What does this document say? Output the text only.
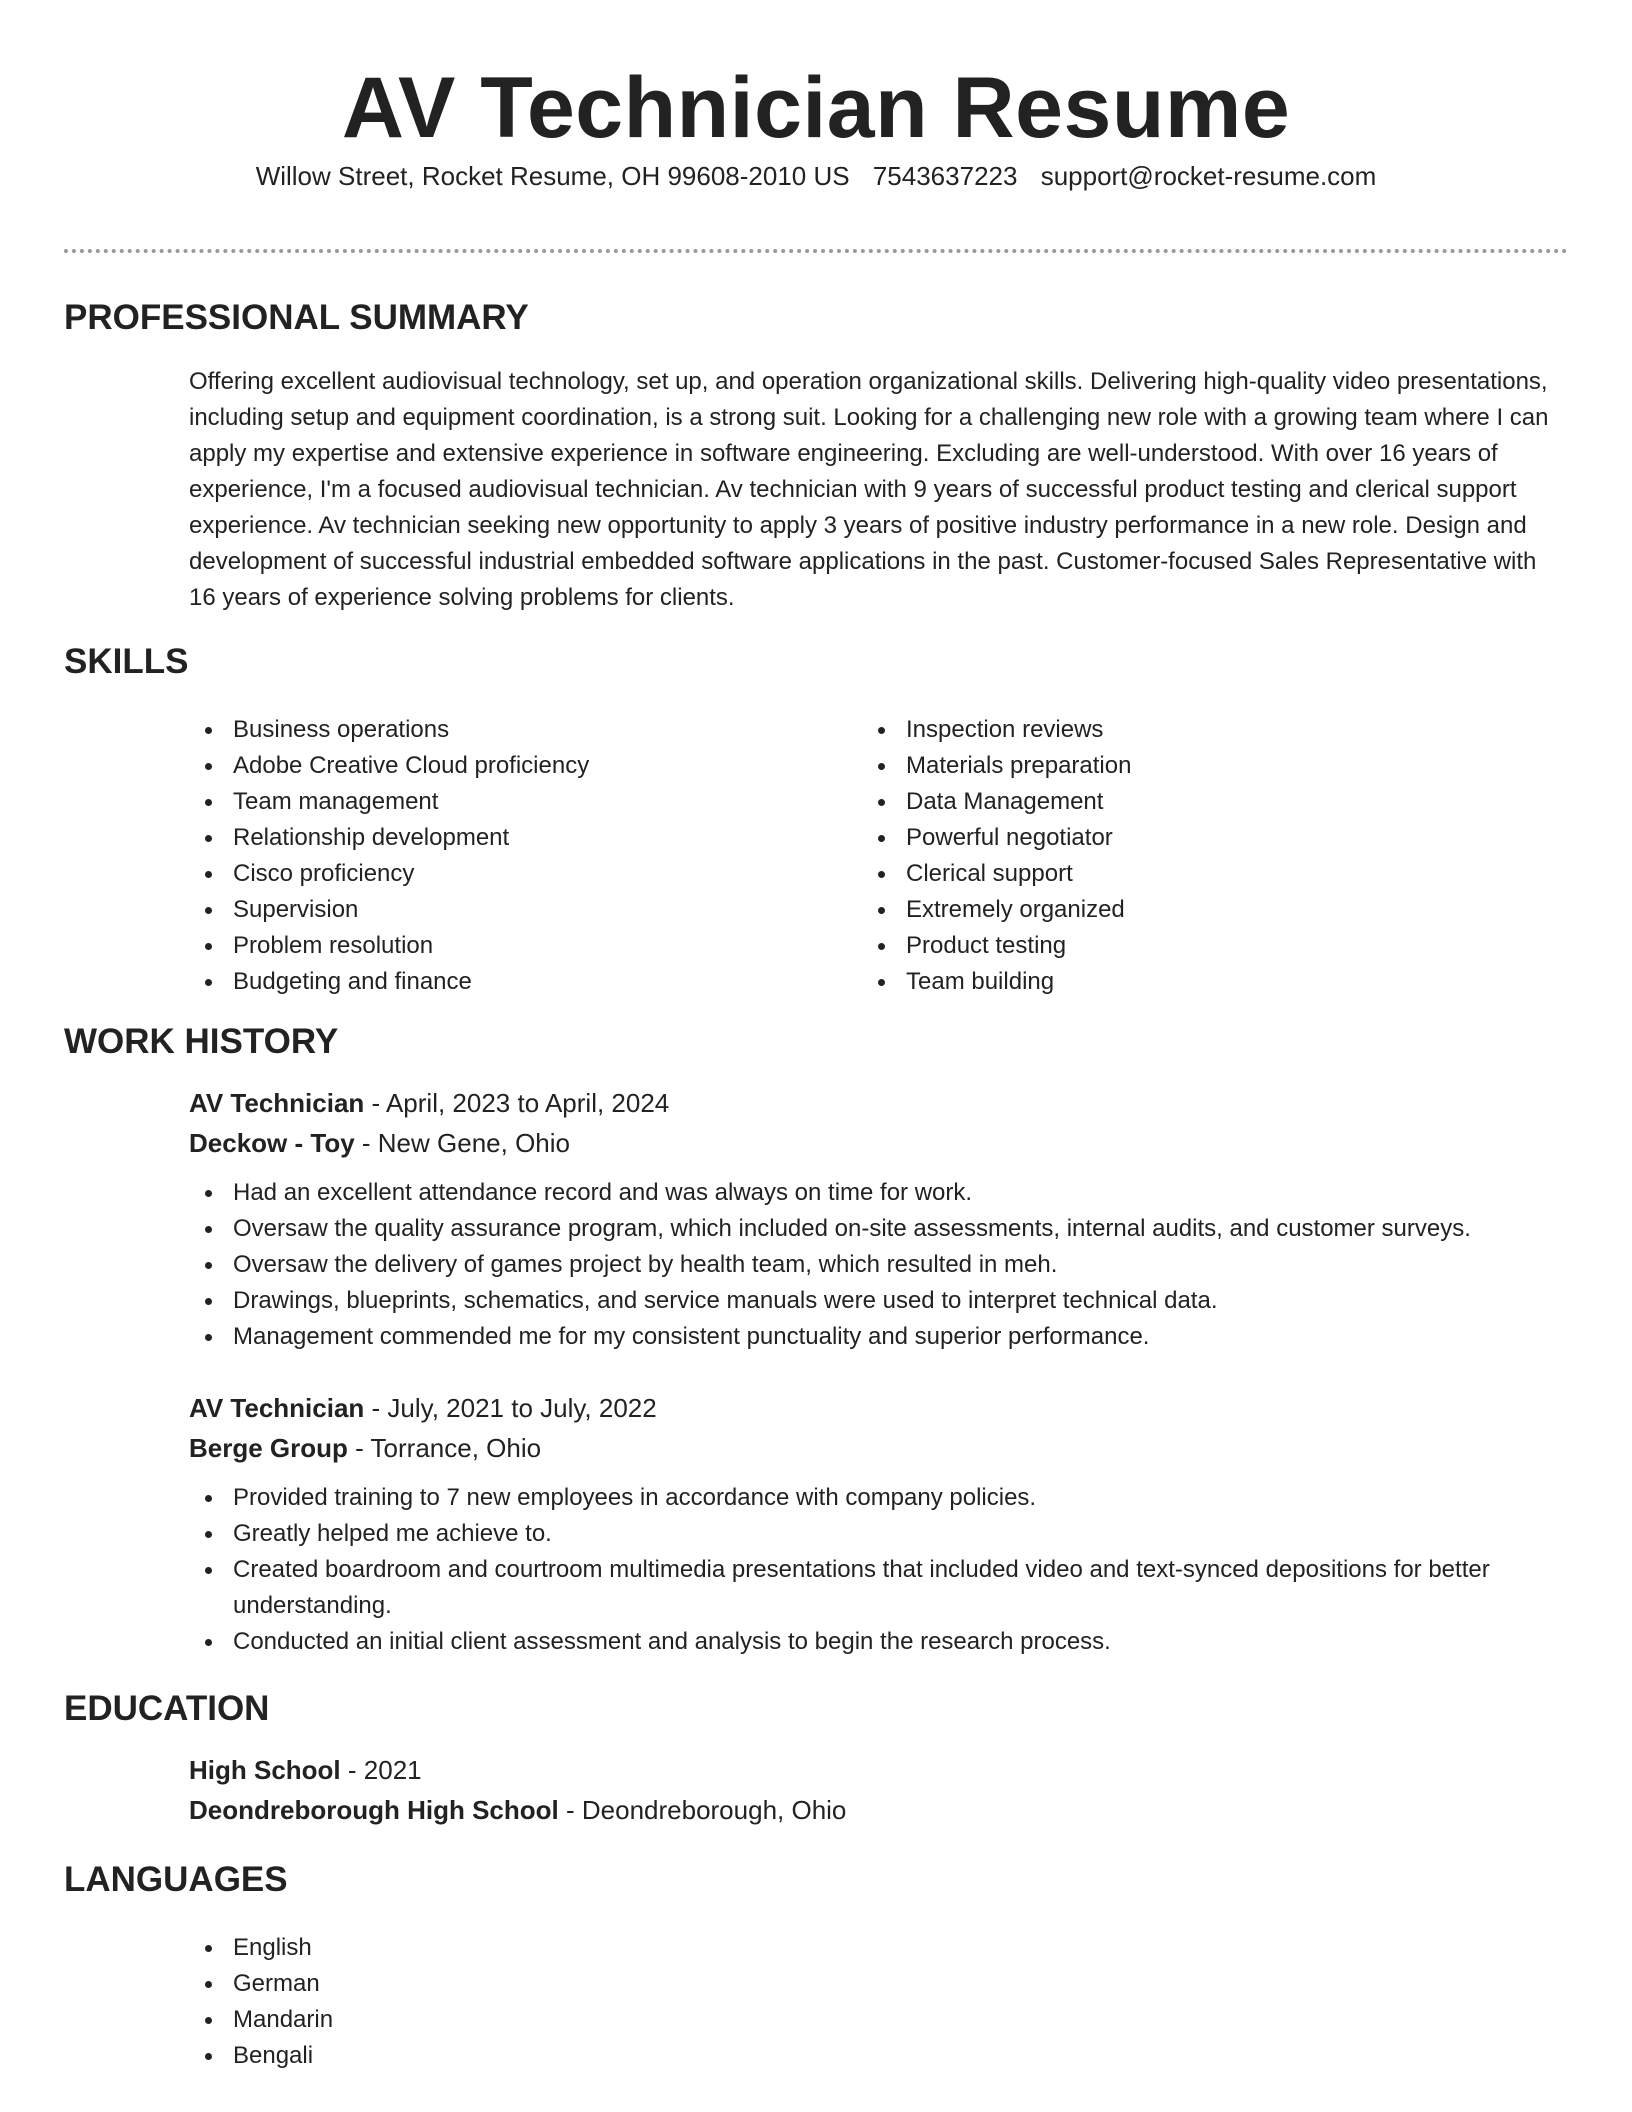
AV Technician Resume
Willow Street, Rocket Resume, OH 99608-2010 US 7543637223 support@rocket-resume.com
PROFESSIONAL SUMMARY

Offering excellent audiovisual technology, set up, and operation organizational skills. Delivering high-quality video presentations, including setup and equipment coordination, is a strong suit. Looking for a challenging new role with a growing team where I can apply my expertise and extensive experience in software engineering. Excluding are well-understood. With over 16 years of experience, I'm a focused audiovisual technician. Av technician with 9 years of successful product testing and clerical support experience. Av technician seeking new opportunity to apply 3 years of positive industry performance in a new role. Design and development of successful industrial embedded software applications in the past. Customer-focused Sales Representative with 16 years of experience solving problems for clients.

SKILLS
Business operations
Adobe Creative Cloud proficiency
Team management
Relationship development
Cisco proficiency
Supervision
Problem resolution
Budgeting and finance
Inspection reviews
Materials preparation
Data Management
Powerful negotiator
Clerical support
Extremely organized
Product testing
Team building
WORK HISTORY

AV Technician - April, 2023 to April, 2024

Deckow - Toy - New Gene, Ohio

Had an excellent attendance record and was always on time for work.
Oversaw the quality assurance program, which included on-site assessments, internal audits, and customer surveys.
Oversaw the delivery of games project by health team, which resulted in meh.
Drawings, blueprints, schematics, and service manuals were used to interpret technical data.
Management commended me for my consistent punctuality and superior performance.

AV Technician - July, 2021 to July, 2022

Berge Group - Torrance, Ohio

Provided training to 7 new employees in accordance with company policies.
Greatly helped me achieve to.
Created boardroom and courtroom multimedia presentations that included video and text-synced depositions for better understanding.
Conducted an initial client assessment and analysis to begin the research process.
EDUCATION

High School - 2021

Deondreborough High School - Deondreborough, Ohio

LANGUAGES
English
German
Mandarin
Bengali
